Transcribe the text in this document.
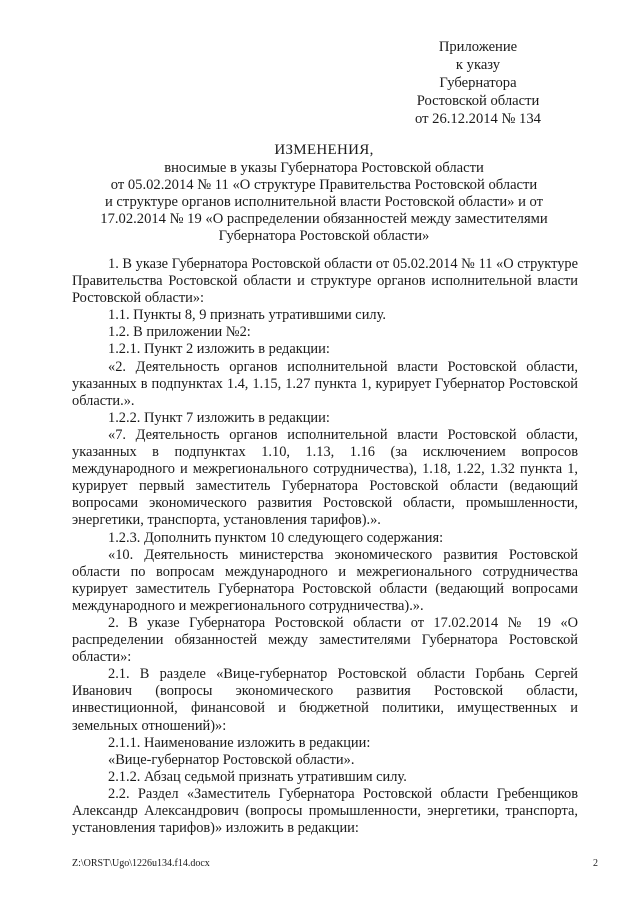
Приложение
к указу
Губернатора
Ростовской области
от 26.12.2014 № 134
ИЗМЕНЕНИЯ,
вносимые в указы Губернатора Ростовской области
от 05.02.2014 № 11 «О структуре Правительства Ростовской области
и структуре органов исполнительной власти Ростовской области» и от
17.02.2014 № 19 «О распределении обязанностей между заместителями
Губернатора Ростовской области»

1. В указе Губернатора Ростовской области от 05.02.2014 № 11 «О структуре Правительства Ростовской области и структуре органов исполнительной власти Ростовской области»:

1.1. Пункты 8, 9 признать утратившими силу.

1.2. В приложении №2:

1.2.1. Пункт 2 изложить в редакции:

«2. Деятельность органов исполнительной власти Ростовской области, указанных в подпунктах 1.4, 1.15, 1.27 пункта 1, курирует Губернатор Ростовской области.».

1.2.2. Пункт 7 изложить в редакции:

«7. Деятельность органов исполнительной власти Ростовской области, указанных в подпунктах 1.10, 1.13, 1.16 (за исключением вопросов международного и межрегионального сотрудничества), 1.18, 1.22, 1.32 пункта 1, курирует первый заместитель Губернатора Ростовской области (ведающий вопросами экономического развития Ростовской области, промышленности, энергетики, транспорта, установления тарифов).».

1.2.3. Дополнить пунктом 10 следующего содержания:

«10. Деятельность министерства экономического развития Ростовской области по вопросам международного и межрегионального сотрудничества курирует заместитель Губернатора Ростовской области (ведающий вопросами международного и межрегионального сотрудничества).».

2. В указе Губернатора Ростовской области от 17.02.2014 № 19 «О распределении обязанностей между заместителями Губернатора Ростовской области»:

2.1. В разделе «Вице-губернатор Ростовской области Горбань Сергей Иванович (вопросы экономического развития Ростовской области, инвестиционной, финансовой и бюджетной политики, имущественных и земельных отношений)»:

2.1.1. Наименование изложить в редакции:

«Вице-губернатор Ростовской области».

2.1.2. Абзац седьмой признать утратившим силу.

2.2. Раздел «Заместитель Губернатора Ростовской области Гребенщиков Александр Александрович (вопросы промышленности, энергетики, транспорта, установления тарифов)» изложить в редакции:

Z:\ORST\Ugo\1226u134.f14.docx	2
